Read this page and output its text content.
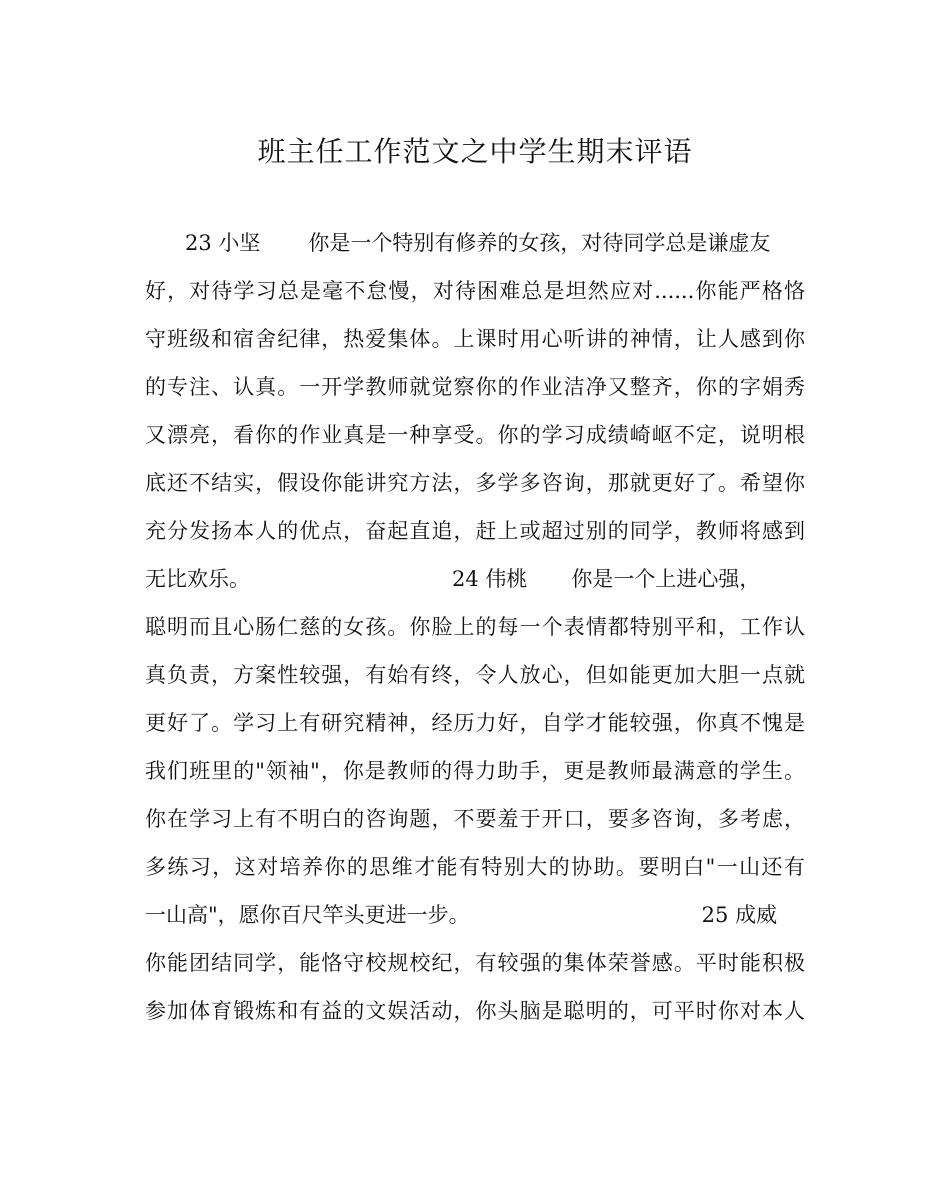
班主任工作范文之中学生期末评语
23 小坚 你是一个特别有修养的女孩，对待同学总是谦虚友
好，对待学习总是毫不怠慢，对待困难总是坦然应对......你能严格恪
守班级和宿舍纪律，热爱集体。上课时用心听讲的神情，让人感到你
的专注、认真。一开学教师就觉察你的作业洁净又整齐，你的字娟秀
又漂亮，看你的作业真是一种享受。你的学习成绩崎岖不定，说明根
底还不结实，假设你能讲究方法，多学多咨询，那就更好了。希望你
充分发扬本人的优点，奋起直追，赶上或超过别的同学，教师将感到
无比欢乐。	24 伟桃 你是一个上进心强，
聪明而且心肠仁慈的女孩。你脸上的每一个表情都特别平和，工作认
真负责，方案性较强，有始有终，令人放心，但如能更加大胆一点就
更好了。学习上有研究精神，经历力好，自学才能较强，你真不愧是
我们班里的"领袖"，你是教师的得力助手，更是教师最满意的学生。
你在学习上有不明白的咨询题，不要羞于开口，要多咨询，多考虑，
多练习，这对培养你的思维才能有特别大的协助。要明白"一山还有
一山高"，愿你百尺竿头更进一步。	25 成威
你能团结同学，能恪守校规校纪，有较强的集体荣誉感。平时能积极
参加体育锻炼和有益的文娱活动，你头脑是聪明的，可平时你对本人
